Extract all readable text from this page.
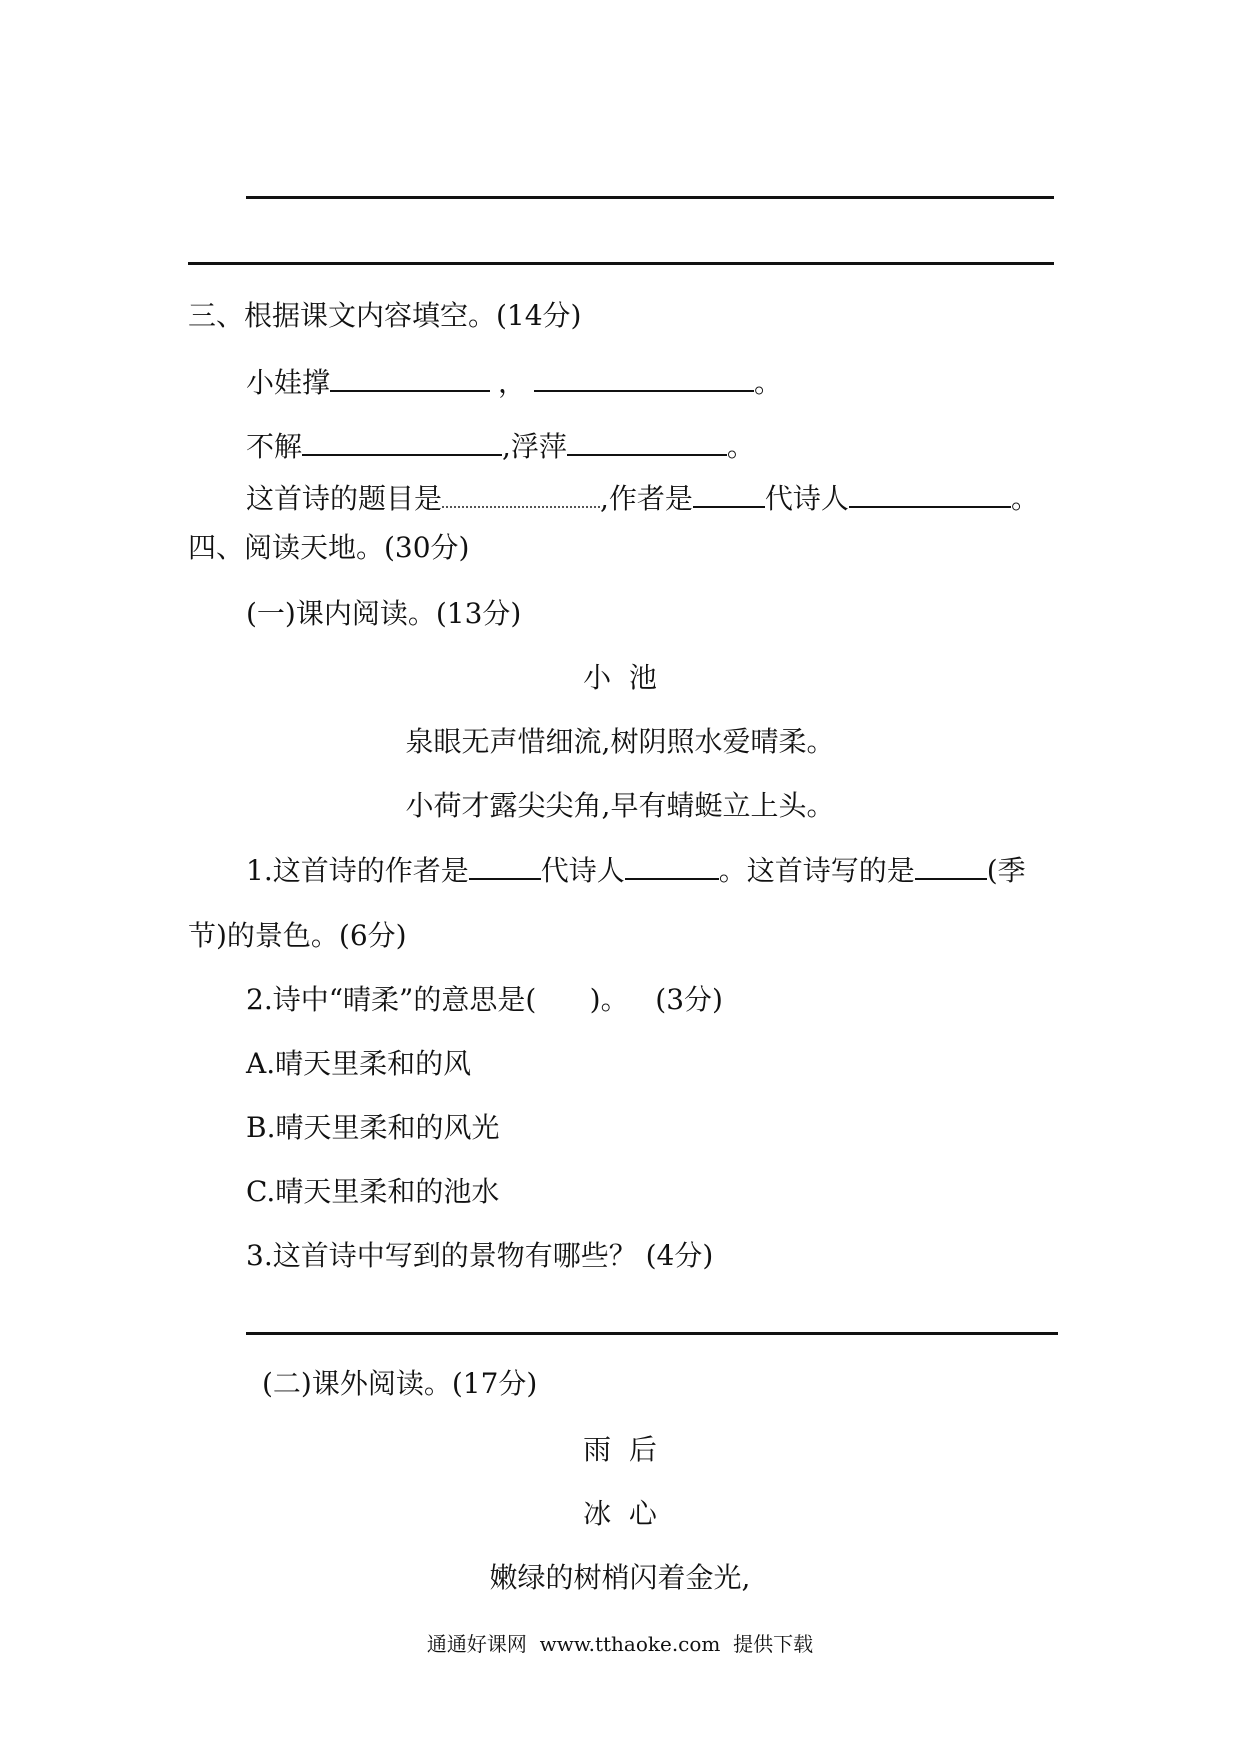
三、根据课文内容填空。(14分)
小娃撑	，	。
不解	,浮萍	。
这首诗的题目是	,作者是	代诗人	。
四、阅读天地。(30分)
(一)课内阅读。(13分)
小  池
泉眼无声惜细流,树阴照水爱晴柔。
小荷才露尖尖角,早有蜻蜓立上头。
1.这首诗的作者是	代诗人	。这首诗写的是	(季
节)的景色。(6分)
2.诗中“晴柔”的意思是(      )。   (3分)
A.晴天里柔和的风
B.晴天里柔和的风光
C.晴天里柔和的池水
3.这首诗中写到的景物有哪些？ (4分)
(二)课外阅读。(17分)
雨  后
冰  心
嫩绿的树梢闪着金光,
通通好课网  www.tthaoke.com  提供下载
